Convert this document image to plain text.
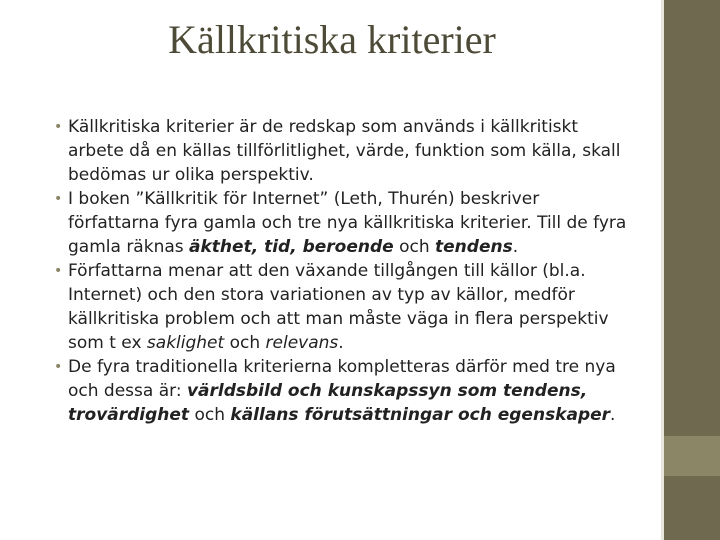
Källkritiska kriterier
• Källkritiska kriterier är de redskap som används i källkritiskt arbete då en källas tillförlitlighet, värde, funktion som källa, skall bedömas ur olika perspektiv.
• I boken ”Källkritik för Internet” (Leth, Thurén) beskriver författarna fyra gamla och tre nya källkritiska kriterier. Till de fyra gamla räknas äkthet, tid, beroende och tendens.
• Författarna menar att den växande tillgången till källor (bl.a. Internet) och den stora variationen av typ av källor, medför källkritiska problem och att man måste väga in flera perspektiv som t ex saklighet och relevans.
• De fyra traditionella kriterierna kompletteras därför med tre nya och dessa är: världsbild och kunskapssyn som tendens, trovärdighet och källans förutsättningar och egenskaper.
